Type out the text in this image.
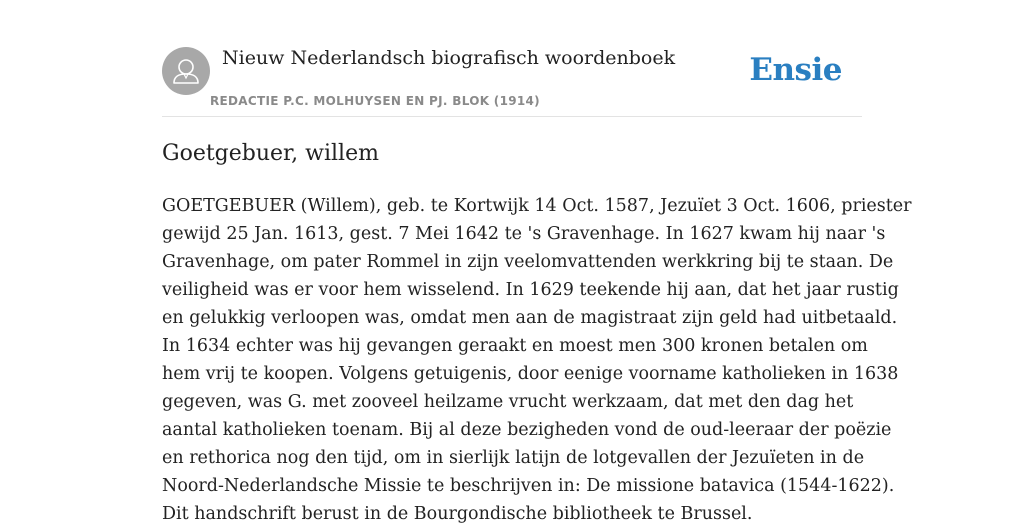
Nieuw Nederlandsch biografisch woordenboek
REDACTIE P.C. MOLHUYSEN EN PJ. BLOK (1914)
Ensie
Goetgebuer, willem

GOETGEBUER (Willem), geb. te Kortwijk 14 Oct. 1587, Jezuïet 3 Oct. 1606, priester
gewijd 25 Jan. 1613, gest. 7 Mei 1642 te 's Gravenhage. In 1627 kwam hij naar 's
Gravenhage, om pater Rommel in zijn veelomvattenden werkkring bij te staan. De
veiligheid was er voor hem wisselend. In 1629 teekende hij aan, dat het jaar rustig
en gelukkig verloopen was, omdat men aan de magistraat zijn geld had uitbetaald.
In 1634 echter was hij gevangen geraakt en moest men 300 kronen betalen om
hem vrij te koopen. Volgens getuigenis, door eenige voorname katholieken in 1638
gegeven, was G. met zooveel heilzame vrucht werkzaam, dat met den dag het
aantal katholieken toenam. Bij al deze bezigheden vond de oud-leeraar der poëzie
en rethorica nog den tijd, om in sierlijk latijn de lotgevallen der Jezuïeten in de
Noord-Nederlandsche Missie te beschrijven in: De missione batavica (1544-1622).
Dit handschrift berust in de Bourgondische bibliotheek te Brussel.
